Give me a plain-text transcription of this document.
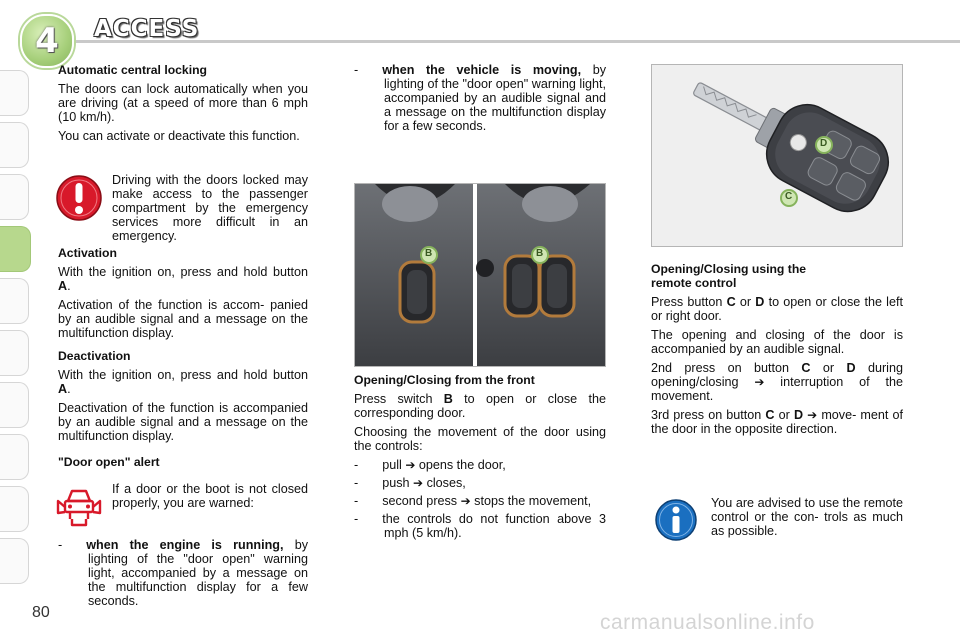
4 ACCESS
Automatic central locking

The doors can lock automatically when you are driving (at a speed of more than 6 mph (10 km/h).

You can activate or deactivate this function.

Driving with the doors locked may make access to the passenger compartment by the emergency services more difficult in an emergency.

Activation

With the ignition on, press and hold button A.

Activation of the function is accom- panied by an audible signal and a message on the multifunction display.

Deactivation

With the ignition on, press and hold button A.

Deactivation of the function is accompanied by an audible signal and a message on the multifunction display.

"Door open" alert

If a door or the boot is not closed properly, you are warned:

- when the engine is running, by lighting of the "door open" warning light, accompanied by a message on the multifunction display for a few seconds.

- when the vehicle is moving, by lighting of the "door open" warning light, accompanied by an audible signal and a message on the multifunction display for a few seconds.

B	B
Opening/Closing from the front

Press switch B to open or close the corresponding door.

Choosing the movement of the door using the controls:

- pull ➔ opens the door,

- push ➔ closes,

- second press ➔ stops the movement,

- the controls do not function above 3 mph (5 km/h).

D
C
Opening/Closing using the
remote control

Press button C or D to open or close the left or right door.

The opening and closing of the door is accompanied by an audible signal.

2nd press on button C or D during opening/closing ➔ interruption of the movement.

3rd press on button C or D ➔ move- ment of the door in the opposite direction.

You are advised to use the remote control or the con- trols as much as possible.

80	carmanualsonline.info
